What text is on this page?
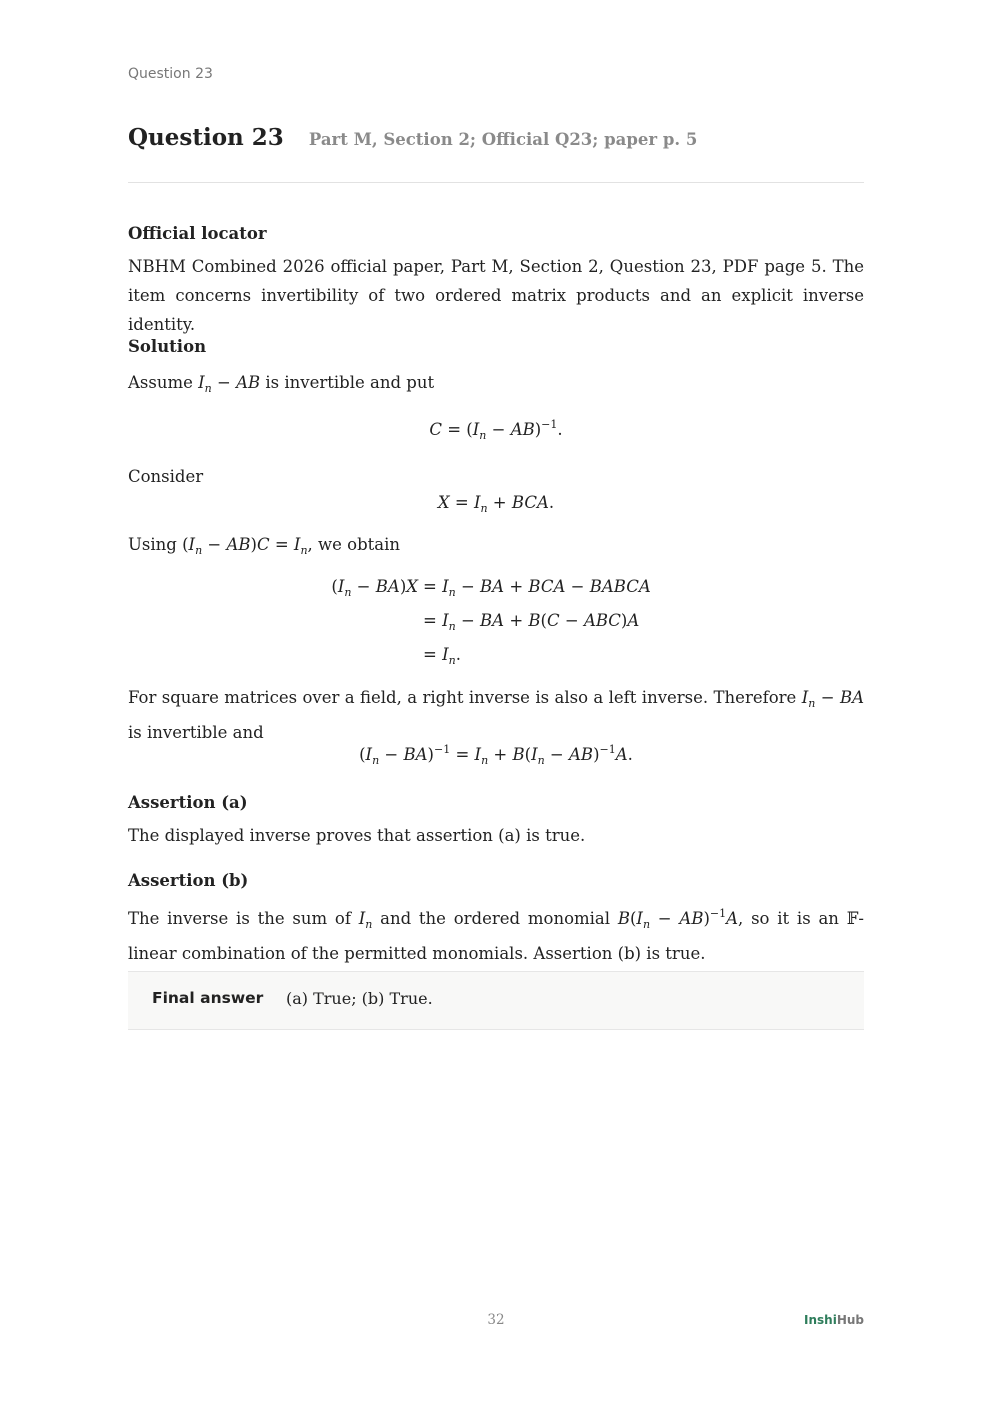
Question 23
Question 23 Part M, Section 2; Official Q23; paper p. 5
Official locator
NBHM Combined 2026 official paper, Part M, Section 2, Question 23, PDF page 5. The item concerns invertibility of two ordered matrix products and an explicit inverse identity.
Solution
Assume $I_n$ − AB is invertible and put
$C = (I_n - AB)^{-1}$.
Consider
$X = I_n$ + BCA.
Using $(I_n - AB)C = I_n$, we obtain
$(I_n - BA)X = I_n$ − BA + BCA − BABCA
= $I_n$ − BA + B(C − ABC)A
= $I_n$.
For square matrices over a field, a right inverse is also a left inverse. Therefore $I_n$ − BA is invertible and
$(I_n - BA)^{-1} = I_n + B(I_n - AB)^{-1}A$.
Assertion (a)
The displayed inverse proves that assertion (a) is true.
Assertion (b)
The inverse is the sum of $I_n$ and the ordered monomial $B(I_n - AB)^{-1}A$, so it is an 𝔽-linear combination of the permitted monomials. Assertion (b) is true.
Final answer (a) True; (b) True.
32	InshiHub
